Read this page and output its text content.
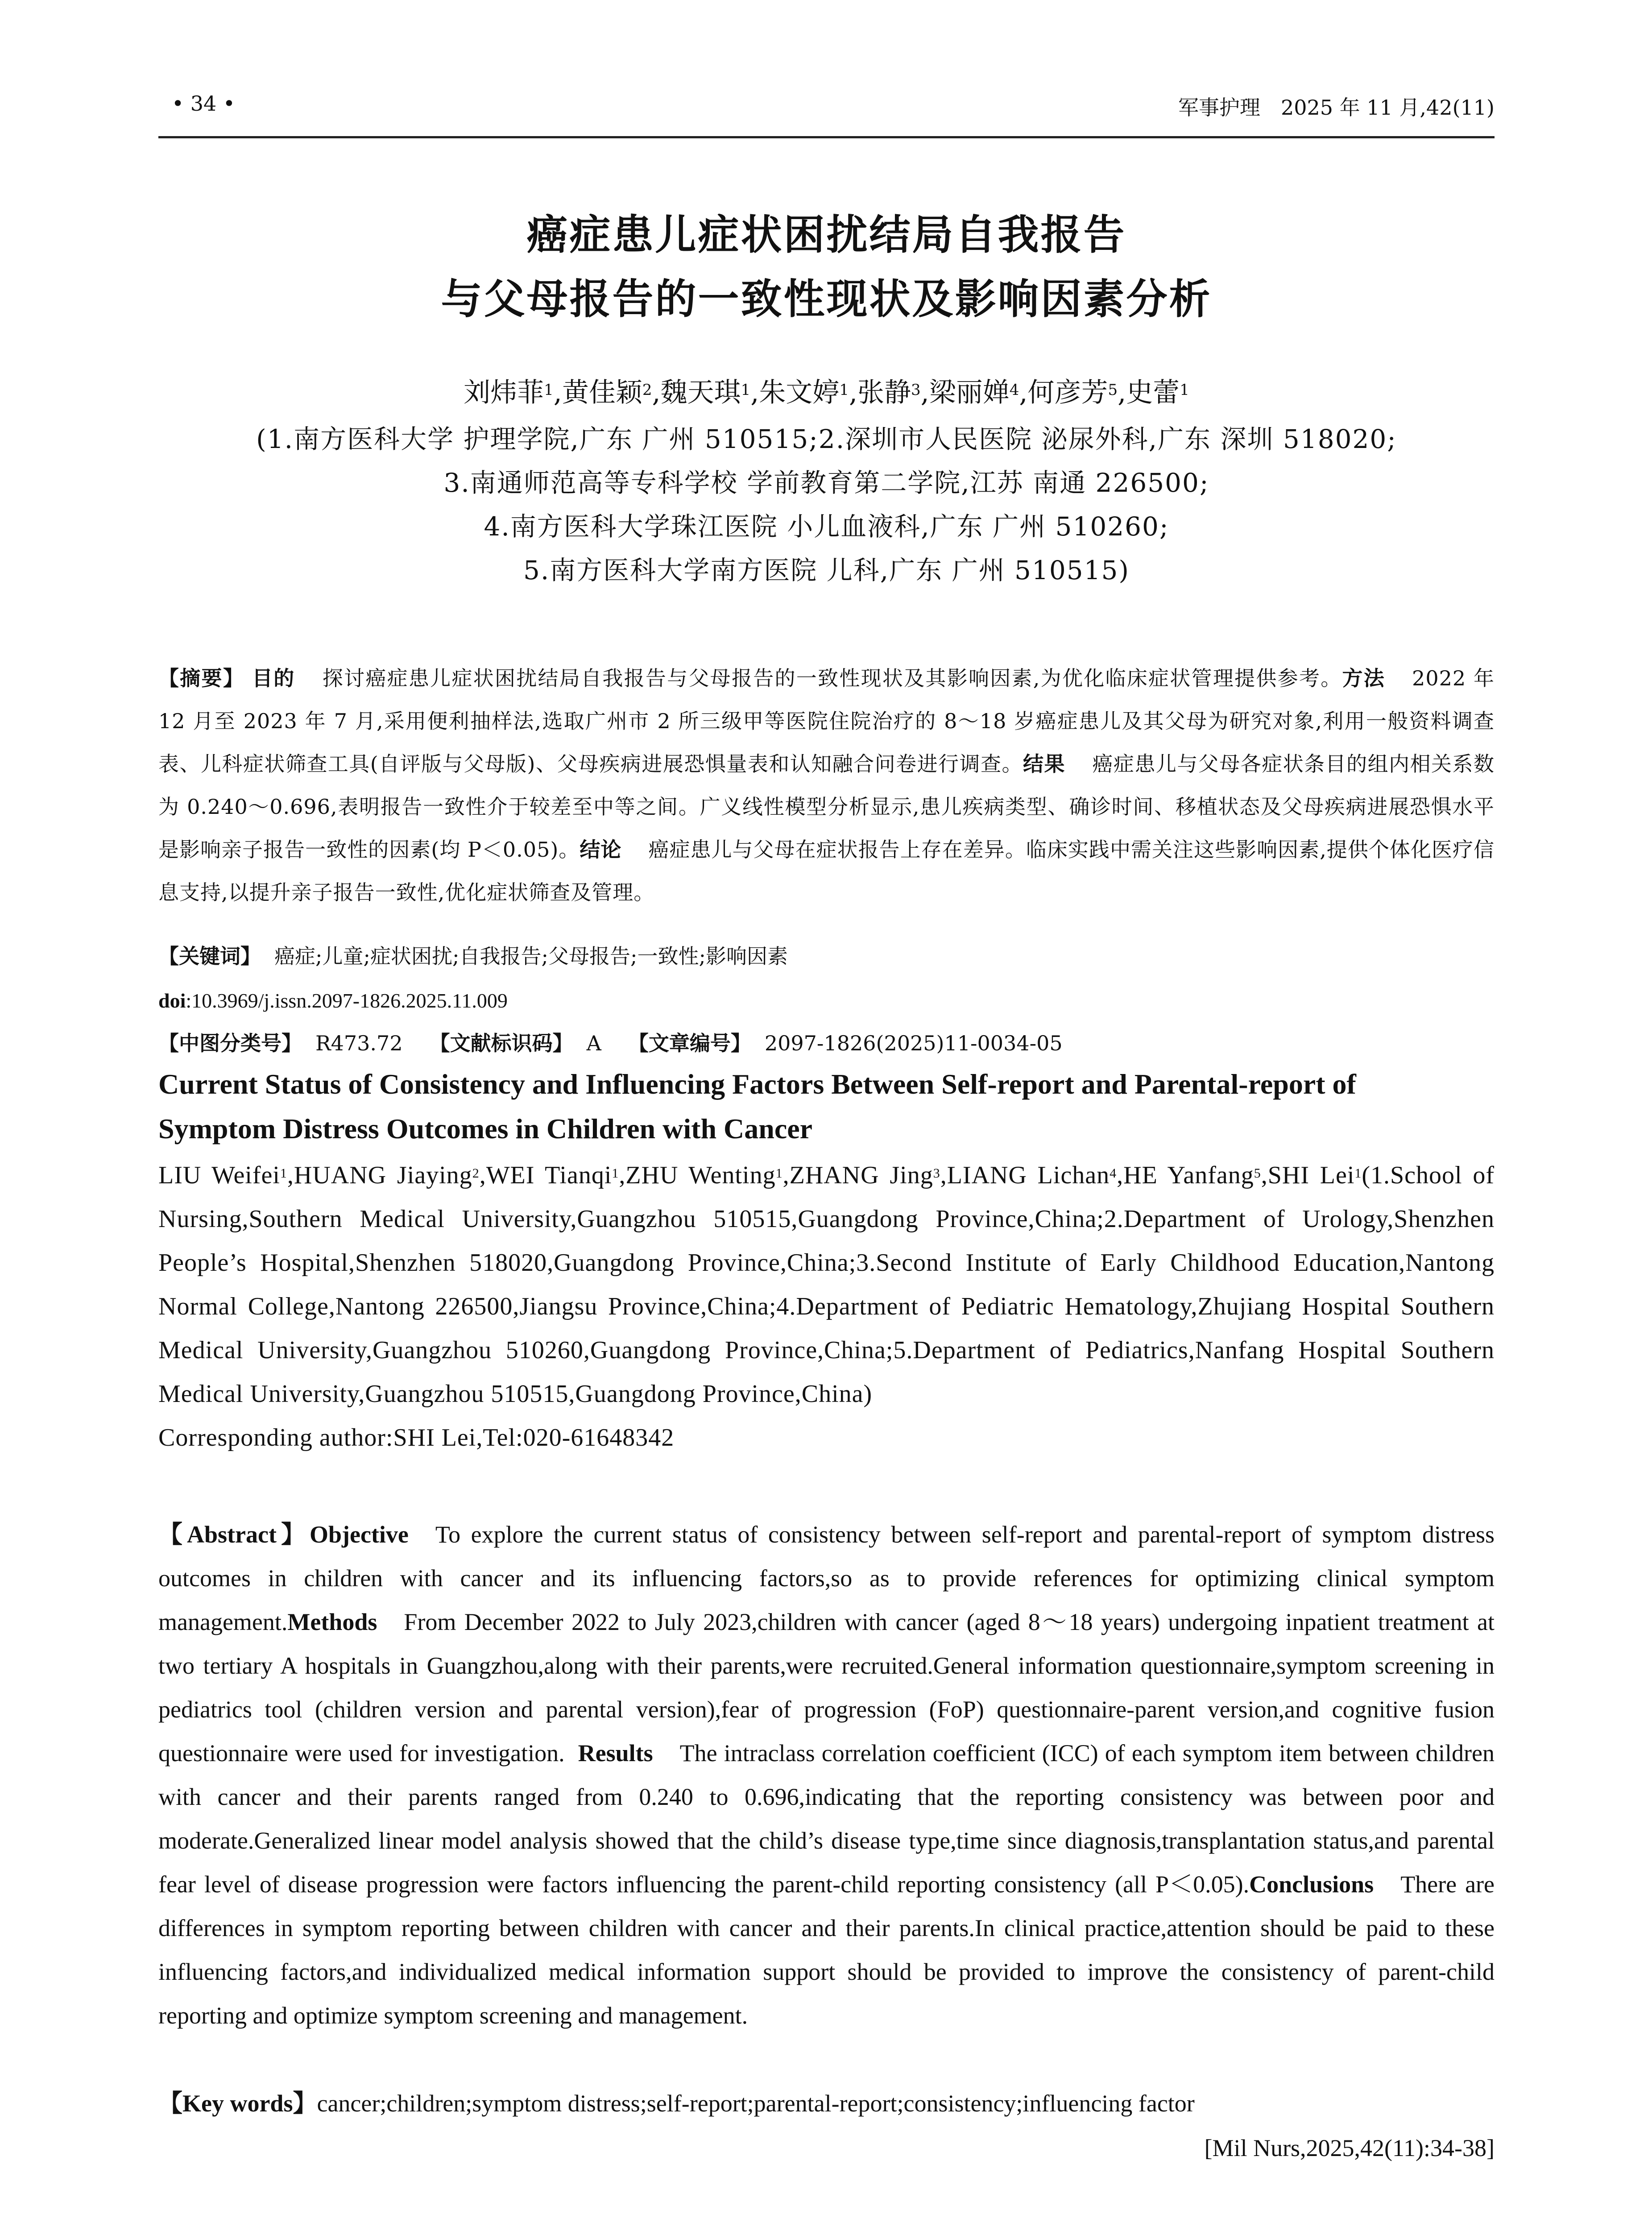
• 34 •	军事护理　2025 年 11 月,42(11)
癌症患儿症状困扰结局自我报告
与父母报告的一致性现状及影响因素分析
刘炜菲$^1$,黄佳颖$^2$,魏天琪$^1$,朱文婷$^1$,张静$^3$,梁丽婵$^4$,何彦芳$^5$,史蕾$^1$
(1.南方医科大学 护理学院,广东 广州 510515;2.深圳市人民医院 泌尿外科,广东 深圳 518020;
3.南通师范高等专科学校 学前教育第二学院,江苏 南通 226500;
4.南方医科大学珠江医院 小儿血液科,广东 广州 510260;
5.南方医科大学南方医院 儿科,广东 广州 510515)
【摘要】 目的 探讨癌症患儿症状困扰结局自我报告与父母报告的一致性现状及其影响因素,为优化临床症状管理提供参考。方法 2022 年 12 月至 2023 年 7 月,采用便利抽样法,选取广州市 2 所三级甲等医院住院治疗的 8～18 岁癌症患儿及其父母为研究对象,利用一般资料调查表、儿科症状筛查工具(自评版与父母版)、父母疾病进展恐惧量表和认知融合问卷进行调查。结果 癌症患儿与父母各症状条目的组内相关系数为 0.240～0.696,表明报告一致性介于较差至中等之间。广义线性模型分析显示,患儿疾病类型、确诊时间、移植状态及父母疾病进展恐惧水平是影响亲子报告一致性的因素(均 P＜0.05)。结论 癌症患儿与父母在症状报告上存在差异。临床实践中需关注这些影响因素,提供个体化医疗信息支持,以提升亲子报告一致性,优化症状筛查及管理。
【关键词】 癌症;儿童;症状困扰;自我报告;父母报告;一致性;影响因素
doi:10.3969/j.issn.2097-1826.2025.11.009
【中图分类号】 R473.72 【文献标识码】 A 【文章编号】 2097-1826(2025)11-0034-05
Current Status of Consistency and Influencing Factors Between Self-report and Parental-report of
Symptom Distress Outcomes in Children with Cancer
LIU Weifei$^1$,HUANG Jiaying$^2$,WEI Tianqi$^1$,ZHU Wenting$^1$,ZHANG Jing$^3$,LIANG Lichan$^4$,HE Yanfang$^5$,SHI Lei$^1$(1.School of Nursing,Southern Medical University,Guangzhou 510515,Guangdong Province,China;2.Department of Urology,Shenzhen People’s Hospital,Shenzhen 518020,Guangdong Province,China;3.Second Institute of Early Childhood Education,Nantong Normal College,Nantong 226500,Jiangsu Province,China;4.Department of Pediatric Hematology,Zhujiang Hospital Southern Medical University,Guangzhou 510260,Guangdong Province,China;5.Department of Pediatrics,Nanfang Hospital Southern Medical University,Guangzhou 510515,Guangdong Province,China)
Corresponding author:SHI Lei,Tel:020-61648342
【Abstract】Objective To explore the current status of consistency between self-report and parental-report of symptom distress outcomes in children with cancer and its influencing factors,so as to provide references for optimizing clinical symptom management.Methods From December 2022 to July 2023,children with cancer (aged 8～18 years) undergoing inpatient treatment at two tertiary A hospitals in Guangzhou,along with their parents,were recruited.General information questionnaire,symptom screening in pediatrics tool (children version and parental version),fear of progression (FoP) questionnaire-parent version,and cognitive fusion questionnaire were used for investigation. Results The intraclass correlation coefficient (ICC) of each symptom item between children with cancer and their parents ranged from 0.240 to 0.696,indicating that the reporting consistency was between poor and moderate.Generalized linear model analysis showed that the child’s disease type,time since diagnosis,transplantation status,and parental fear level of disease progression were factors influencing the parent-child reporting consistency (all P＜0.05).Conclusions There are differences in symptom reporting between children with cancer and their parents.In clinical practice,attention should be paid to these influencing factors,and individualized medical information support should be provided to improve the consistency of parent-child reporting and optimize symptom screening and management.
【Key words】cancer;children;symptom distress;self-report;parental-report;consistency;influencing factor
[Mil Nurs,2025,42(11):34-38]
